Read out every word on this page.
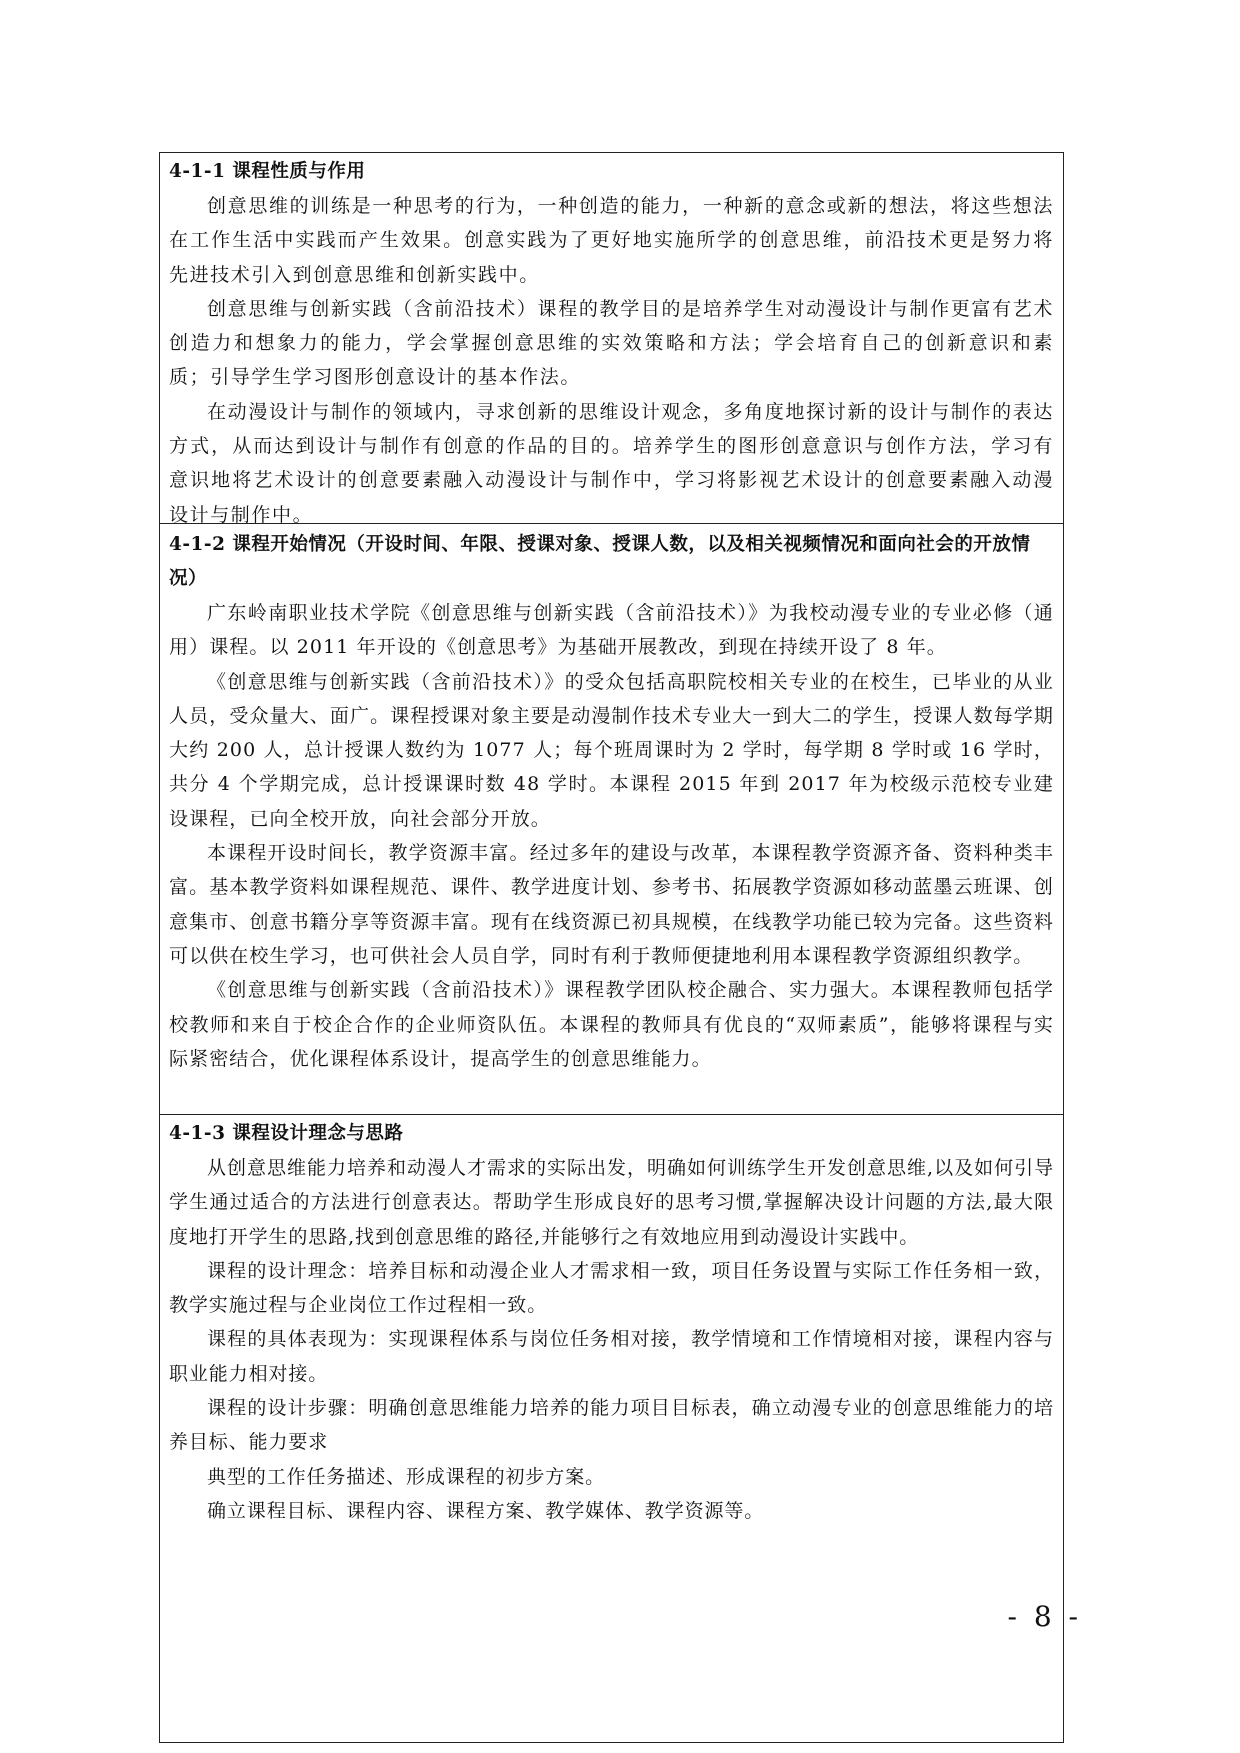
4-1-1 课程性质与作用

创意思维的训练是一种思考的行为，一种创造的能力，一种新的意念或新的想法，将这些想法在工作生活中实践而产生效果。创意实践为了更好地实施所学的创意思维，前沿技术更是努力将先进技术引入到创意思维和创新实践中。

创意思维与创新实践（含前沿技术）课程的教学目的是培养学生对动漫设计与制作更富有艺术创造力和想象力的能力，学会掌握创意思维的实效策略和方法；学会培育自己的创新意识和素质；引导学生学习图形创意设计的基本作法。

在动漫设计与制作的领域内，寻求创新的思维设计观念，多角度地探讨新的设计与制作的表达方式，从而达到设计与制作有创意的作品的目的。培养学生的图形创意意识与创作方法，学习有意识地将艺术设计的创意要素融入动漫设计与制作中，学习将影视艺术设计的创意要素融入动漫设计与制作中。

4-1-2 课程开始情况（开设时间、年限、授课对象、授课人数，以及相关视频情况和面向社会的开放情况）

广东岭南职业技术学院《创意思维与创新实践（含前沿技术）》为我校动漫专业的专业必修（通用）课程。以 2011 年开设的《创意思考》为基础开展教改，到现在持续开设了 8 年。

《创意思维与创新实践（含前沿技术）》的受众包括高职院校相关专业的在校生，已毕业的从业人员，受众量大、面广。课程授课对象主要是动漫制作技术专业大一到大二的学生，授课人数每学期大约 200 人，总计授课人数约为 1077 人；每个班周课时为 2 学时，每学期 8 学时或 16 学时，共分 4 个学期完成，总计授课课时数 48 学时。本课程 2015 年到 2017 年为校级示范校专业建设课程，已向全校开放，向社会部分开放。

本课程开设时间长，教学资源丰富。经过多年的建设与改革，本课程教学资源齐备、资料种类丰富。基本教学资料如课程规范、课件、教学进度计划、参考书、拓展教学资源如移动蓝墨云班课、创意集市、创意书籍分享等资源丰富。现有在线资源已初具规模，在线教学功能已较为完备。这些资料可以供在校生学习，也可供社会人员自学，同时有利于教师便捷地利用本课程教学资源组织教学。

《创意思维与创新实践（含前沿技术）》课程教学团队校企融合、实力强大。本课程教师包括学校教师和来自于校企合作的企业师资队伍。本课程的教师具有优良的“双师素质”，能够将课程与实际紧密结合，优化课程体系设计，提高学生的创意思维能力。

4-1-3 课程设计理念与思路

从创意思维能力培养和动漫人才需求的实际出发，明确如何训练学生开发创意思维,以及如何引导学生通过适合的方法进行创意表达。帮助学生形成良好的思考习惯,掌握解决设计问题的方法,最大限度地打开学生的思路,找到创意思维的路径,并能够行之有效地应用到动漫设计实践中。

课程的设计理念：培养目标和动漫企业人才需求相一致，项目任务设置与实际工作任务相一致，教学实施过程与企业岗位工作过程相一致。

课程的具体表现为：实现课程体系与岗位任务相对接，教学情境和工作情境相对接，课程内容与职业能力相对接。

课程的设计步骤：明确创意思维能力培养的能力项目目标表，确立动漫专业的创意思维能力的培养目标、能力要求

典型的工作任务描述、形成课程的初步方案。

确立课程目标、课程内容、课程方案、教学媒体、教学资源等。

- 8 -
